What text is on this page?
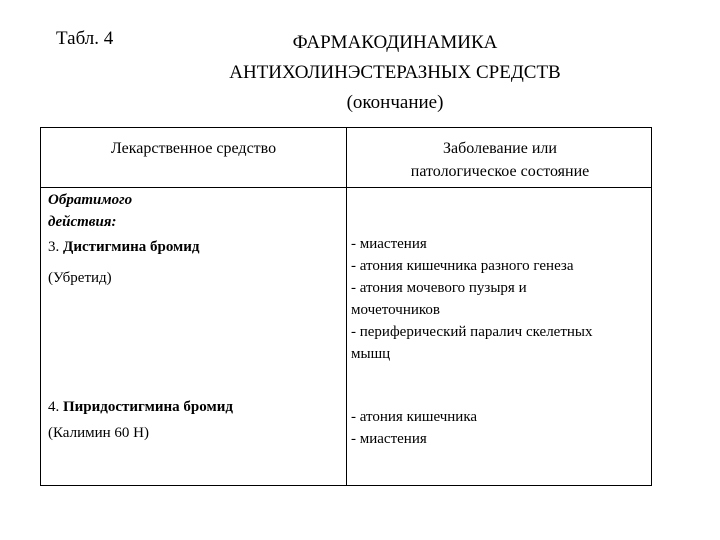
Табл. 4	ФАРМАКОДИНАМИКА
АНТИХОЛИНЭСТЕРАЗНЫХ СРЕДСТВ
(окончание)
Лекарственное средство	Заболевание или
патологическое состояние
Обратимого
действия:
3. Дистигмина бромид
(Убретид)
- миастения
- атония кишечника разного генеза
- атония мочевого пузыря и
мочеточников
- периферический паралич скелетных
мышц
4. Пиридостигмина бромид
(Калимин 60 Н)
- атония кишечника
- миастения
